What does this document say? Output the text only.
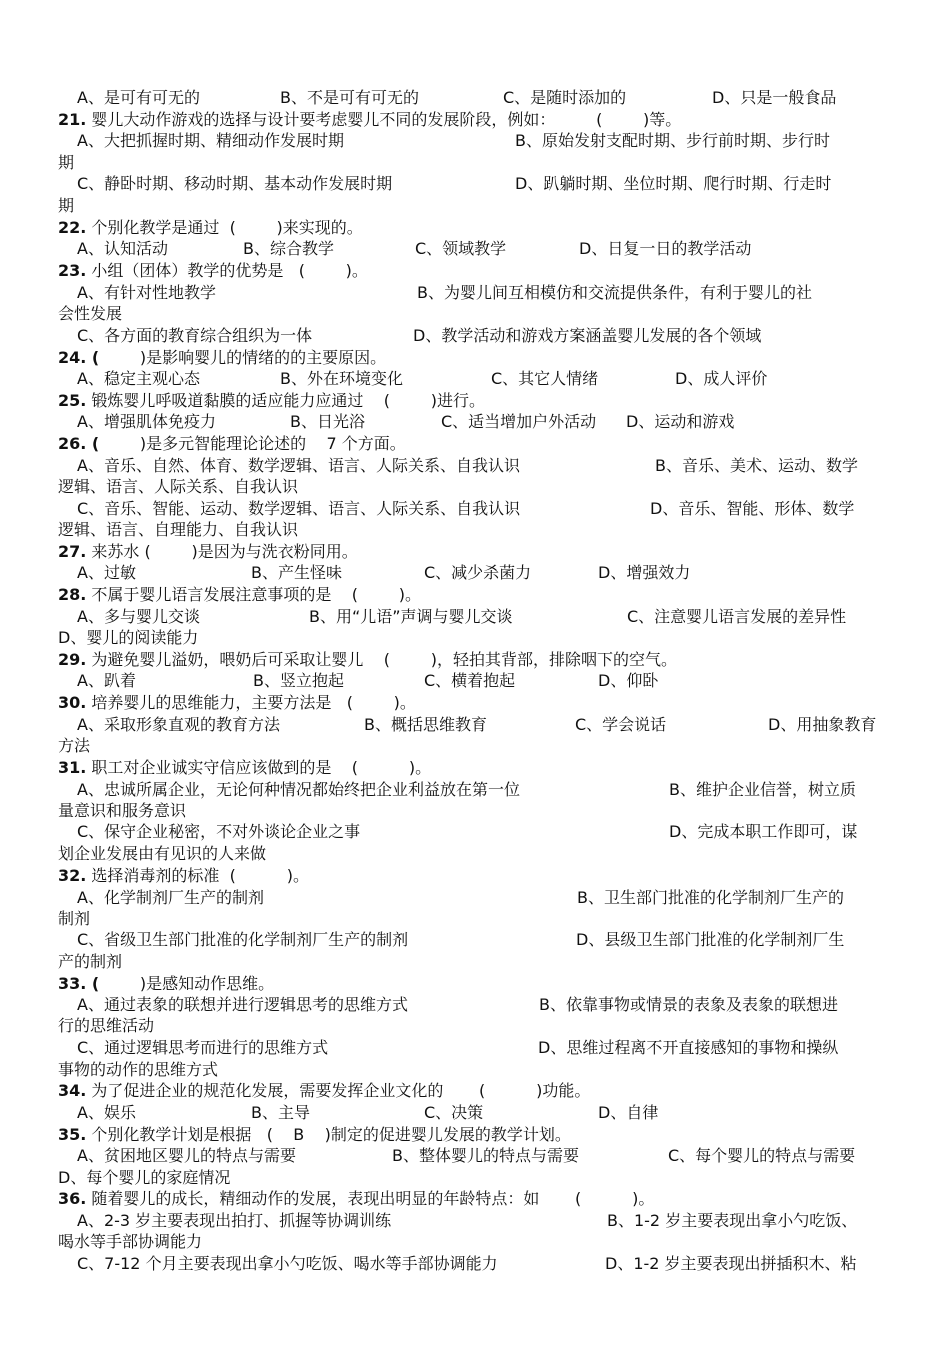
A、是可有可无的	B、不是可有可无的	C、是随时添加的	D、只是一般食品
21. 婴儿大动作游戏的选择与设计要考虑婴儿不同的发展阶段，例如：        (        )等。
A、大把抓握时期、精细动作发展时期	B、原始发射支配时期、步行前时期、步行时
期
C、静卧时期、移动时期、基本动作发展时期	D、趴躺时期、坐位时期、爬行时期、行走时
期
22. 个别化教学是通过  (        )来实现的。
A、认知活动	B、综合教学	C、领域教学	D、日复一日的教学活动
23. 小组（团体）教学的优势是   (        )。
A、有针对性地教学	B、为婴儿间互相模仿和交流提供条件，有利于婴儿的社
会性发展
C、各方面的教育综合组织为一体	D、教学活动和游戏方案涵盖婴儿发展的各个领域
24. (        )是影响婴儿的情绪的的主要原因。
A、稳定主观心态	B、外在环境变化	C、其它人情绪	D、成人评价
25. 锻炼婴儿呼吸道黏膜的适应能力应通过    (        )进行。
A、增强肌体免疫力	B、日光浴	C、适当增加户外活动 D、运动和游戏
26. (        )是多元智能理论论述的    7 个方面。
A、音乐、自然、体育、数学逻辑、语言、人际关系、自我认识	B、音乐、美术、运动、数学
逻辑、语言、人际关系、自我认识
C、音乐、智能、运动、数学逻辑、语言、人际关系、自我认识	D、音乐、智能、形体、数学
逻辑、语言、自理能力、自我认识
27. 来苏水 (        )是因为与洗衣粉同用。
A、过敏	B、产生怪味	C、减少杀菌力	D、增强效力
28. 不属于婴儿语言发展注意事项的是    (        )。
A、多与婴儿交谈	B、用“儿语”声调与婴儿交谈	C、注意婴儿语言发展的差异性
D、婴儿的阅读能力
29. 为避免婴儿溢奶，喂奶后可采取让婴儿    (        )，轻拍其背部，排除咽下的空气。
A、趴着	B、竖立抱起	C、横着抱起	D、仰卧
30. 培养婴儿的思维能力，主要方法是   (        )。
A、采取形象直观的教育方法	B、概括思维教育	C、学会说话	D、用抽象教育
方法
31. 职工对企业诚实守信应该做到的是    (          )。
A、忠诚所属企业，无论何种情况都始终把企业利益放在第一位	B、维护企业信誉，树立质
量意识和服务意识
C、保守企业秘密，不对外谈论企业之事	D、完成本职工作即可，谋
划企业发展由有见识的人来做
32. 选择消毒剂的标准  (          )。
A、化学制剂厂生产的制剂	B、卫生部门批准的化学制剂厂生产的
制剂
C、省级卫生部门批准的化学制剂厂生产的制剂	D、县级卫生部门批准的化学制剂厂生
产的制剂
33. (        )是感知动作思维。
A、通过表象的联想并进行逻辑思考的思维方式	B、依靠事物或情景的表象及表象的联想进
行的思维活动
C、通过逻辑思考而进行的思维方式	D、思维过程离不开直接感知的事物和操纵
事物的动作的思维方式
34. 为了促进企业的规范化发展，需要发挥企业文化的       (          )功能。
A、娱乐	B、主导	C、决策	D、自律
35. 个别化教学计划是根据   (    B    )制定的促进婴儿发展的教学计划。
A、贫困地区婴儿的特点与需要	B、整体婴儿的特点与需要	C、每个婴儿的特点与需要
D、每个婴儿的家庭情况
36. 随着婴儿的成长，精细动作的发展，表现出明显的年龄特点：如       (          )。
A、2-3 岁主要表现出拍打、抓握等协调训练	B、1-2 岁主要表现出拿小勺吃饭、
喝水等手部协调能力
C、7-12 个月主要表现出拿小勺吃饭、喝水等手部协调能力	D、1-2 岁主要表现出拼插积木、粘
